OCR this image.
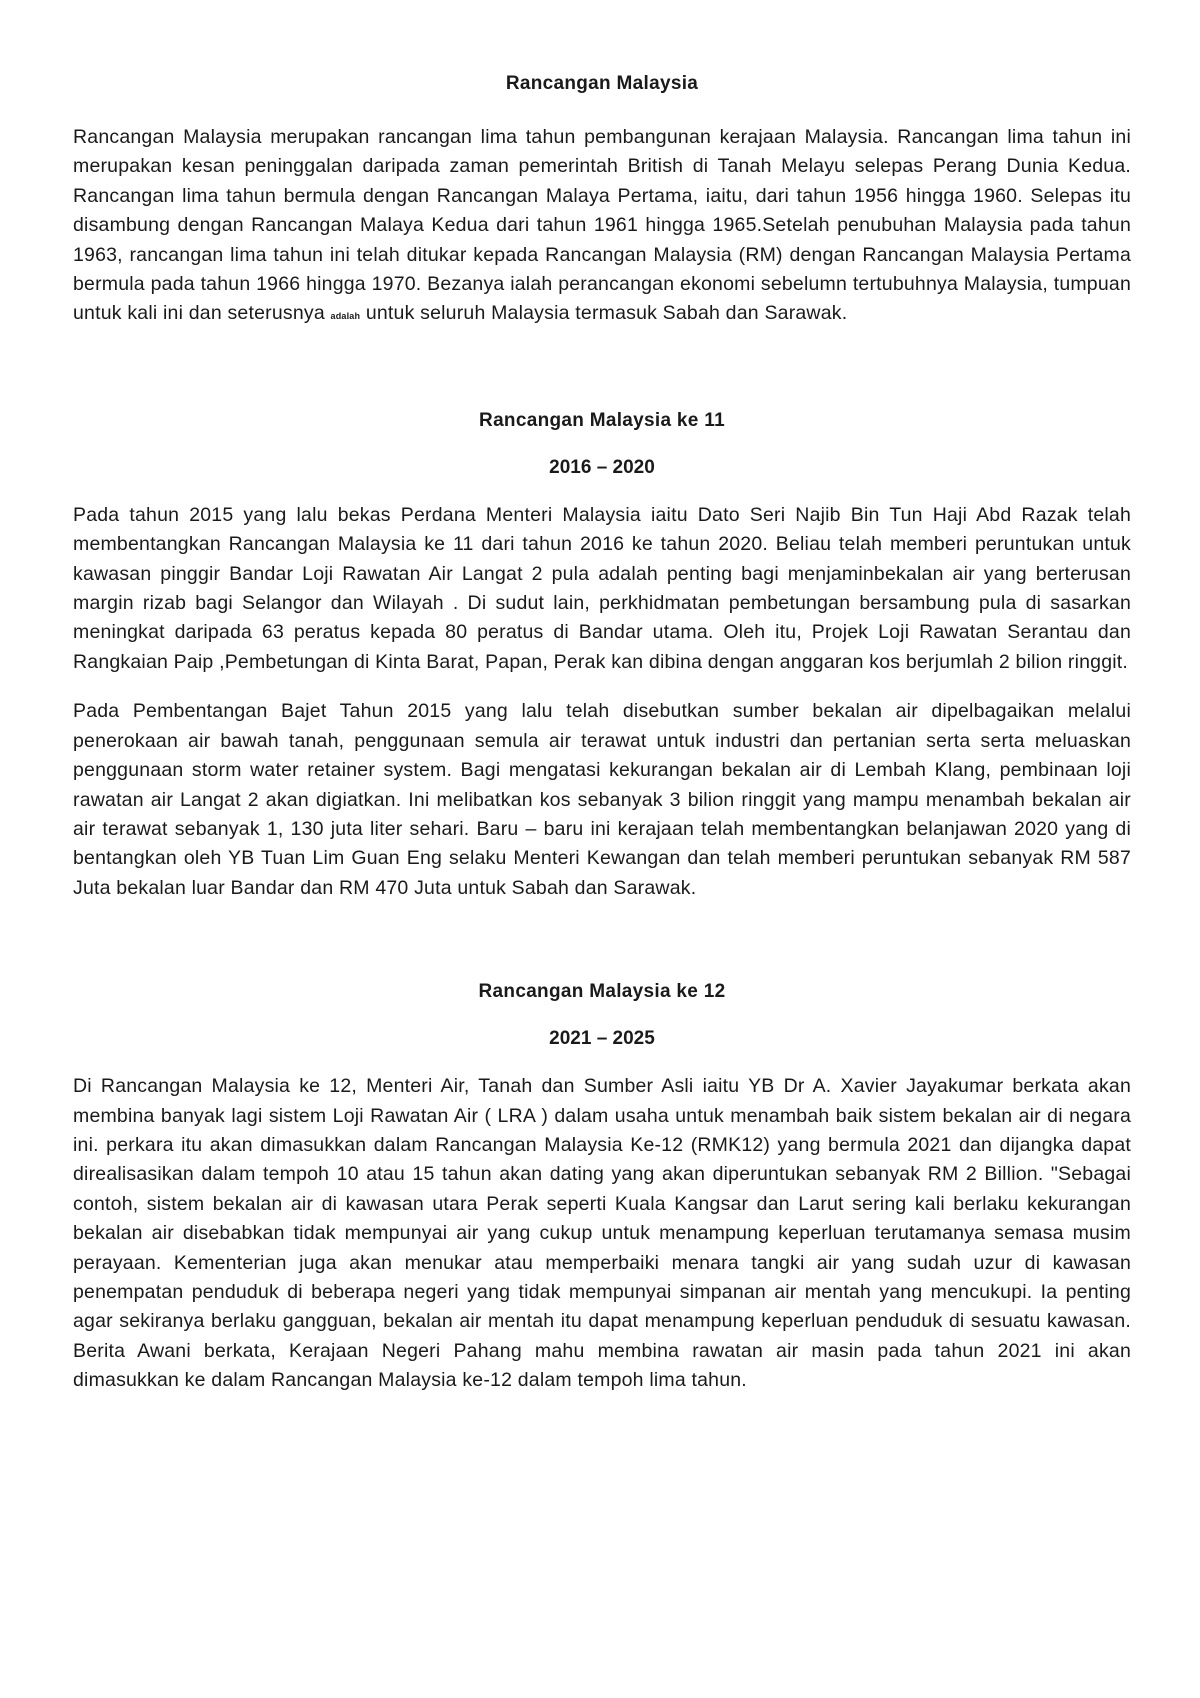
Rancangan Malaysia

Rancangan Malaysia merupakan rancangan lima tahun pembangunan kerajaan Malaysia. Rancangan lima tahun ini merupakan kesan peninggalan daripada zaman pemerintah British di Tanah Melayu selepas Perang Dunia Kedua. Rancangan lima tahun bermula dengan Rancangan Malaya Pertama, iaitu, dari tahun 1956 hingga 1960. Selepas itu disambung dengan Rancangan Malaya Kedua dari tahun 1961 hingga 1965.Setelah penubuhan Malaysia pada tahun 1963, rancangan lima tahun ini telah ditukar kepada Rancangan Malaysia (RM) dengan Rancangan Malaysia Pertama bermula pada tahun 1966 hingga 1970. Bezanya ialah perancangan ekonomi sebelumn tertubuhnya Malaysia, tumpuan untuk kali ini dan seterusnya adalah untuk seluruh Malaysia termasuk Sabah dan Sarawak.

Rancangan Malaysia ke 11
2016 – 2020

Pada tahun 2015 yang lalu bekas Perdana Menteri Malaysia iaitu Dato Seri Najib Bin Tun Haji Abd Razak telah membentangkan Rancangan Malaysia ke 11 dari tahun 2016 ke tahun 2020. Beliau telah memberi peruntukan untuk kawasan pinggir Bandar Loji Rawatan Air Langat 2 pula adalah penting bagi menjaminbekalan air yang berterusan margin rizab bagi Selangor dan Wilayah . Di sudut lain, perkhidmatan pembetungan bersambung pula di sasarkan meningkat daripada 63 peratus kepada 80 peratus di Bandar utama. Oleh itu, Projek Loji Rawatan Serantau dan Rangkaian Paip ,Pembetungan di Kinta Barat, Papan, Perak kan dibina dengan anggaran kos berjumlah 2 bilion ringgit.

Pada Pembentangan Bajet Tahun 2015 yang lalu telah disebutkan sumber bekalan air dipelbagaikan melalui penerokaan air bawah tanah, penggunaan semula air terawat untuk industri dan pertanian serta serta meluaskan penggunaan storm water retainer system. Bagi mengatasi kekurangan bekalan air di Lembah Klang, pembinaan loji rawatan air Langat 2 akan digiatkan. Ini melibatkan kos sebanyak 3 bilion ringgit yang mampu menambah bekalan air air terawat sebanyak 1, 130 juta liter sehari. Baru – baru ini kerajaan telah membentangkan belanjawan 2020 yang di bentangkan oleh YB Tuan Lim Guan Eng selaku Menteri Kewangan dan telah memberi peruntukan sebanyak RM 587 Juta bekalan luar Bandar dan RM 470 Juta untuk Sabah dan Sarawak.

Rancangan Malaysia ke 12
2021 – 2025

Di Rancangan Malaysia ke 12, Menteri Air, Tanah dan Sumber Asli iaitu YB Dr A. Xavier Jayakumar berkata akan membina banyak lagi sistem Loji Rawatan Air ( LRA ) dalam usaha untuk menambah baik sistem bekalan air di negara ini. perkara itu akan dimasukkan dalam Rancangan Malaysia Ke-12 (RMK12) yang bermula 2021 dan dijangka dapat direalisasikan dalam tempoh 10 atau 15 tahun akan dating yang akan diperuntukan sebanyak RM 2 Billion. "Sebagai contoh, sistem bekalan air di kawasan utara Perak seperti Kuala Kangsar dan Larut sering kali berlaku kekurangan bekalan air disebabkan tidak mempunyai air yang cukup untuk menampung keperluan terutamanya semasa musim perayaan. Kementerian juga akan menukar atau memperbaiki menara tangki air yang sudah uzur di kawasan penempatan penduduk di beberapa negeri yang tidak mempunyai simpanan air mentah yang mencukupi. Ia penting agar sekiranya berlaku gangguan, bekalan air mentah itu dapat menampung keperluan penduduk di sesuatu kawasan. Berita Awani berkata, Kerajaan Negeri Pahang mahu membina rawatan air masin pada tahun 2021 ini akan dimasukkan ke dalam Rancangan Malaysia ke-12 dalam tempoh lima tahun.
